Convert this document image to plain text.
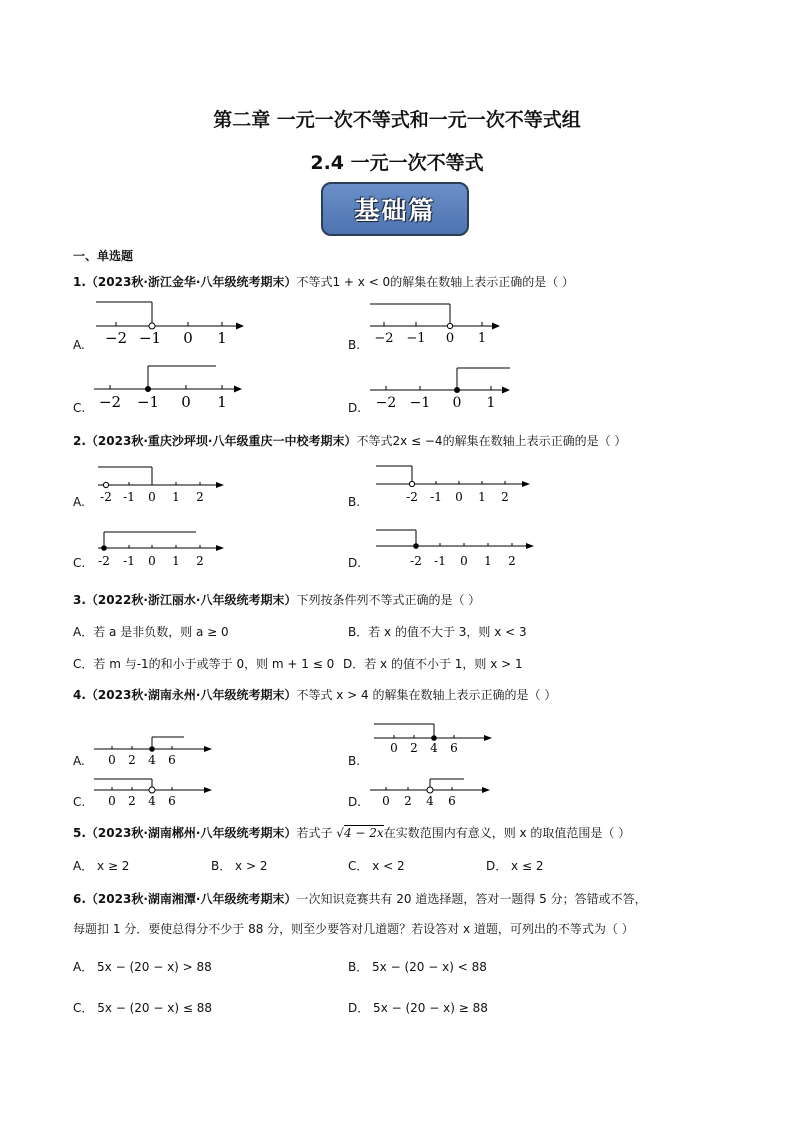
第二章 一元一次不等式和一元一次不等式组
2.4 一元一次不等式
基础篇
一、单选题
1.（2023秋·浙江金华·八年级统考期末）不等式1 + x < 0的解集在数轴上表示正确的是（ ）
A. −2 −1 0 1	B. −2 −1 0 1
C. −2 −1 0 1	D. −2 −1 0 1
2.（2023秋·重庆沙坪坝·八年级重庆一中校考期末）不等式2x ≤ −4的解集在数轴上表示正确的是（ ）
A. -2 -1 0 1 2	B.	-2 -1 0 1 2
C. -2 -1 0 1 2	D.	-2 -1 0 1 2
3.（2022秋·浙江丽水·八年级统考期末）下列按条件列不等式正确的是（ ）
A．若 a 是非负数，则 a ≥ 0	B．若 x 的值不大于 3，则 x < 3
C．若 m 与-1的和小于或等于 0，则 m + 1 ≤ 0 D．若 x 的值不小于 1，则 x > 1
4.（2023秋·湖南永州·八年级统考期末）不等式 x > 4 的解集在数轴上表示正确的是（ ）
A. 0 2 4 6	B.
0 2 4 6
C. 0 2 4 6	D. 0 2 4 6
5.（2023秋·湖南郴州·八年级统考期末）若式子 √4 − 2x在实数范围内有意义，则 x 的取值范围是（ ）
A． x ≥ 2	B． x > 2	C． x < 2	D． x ≤ 2
6.（2023秋·湖南湘潭·八年级统考期末）一次知识竞赛共有 20 道选择题，答对一题得 5 分；答错或不答，
每题扣 1 分．要使总得分不少于 88 分，则至少要答对几道题？若设答对 x 道题，可列出的不等式为（ ）
A． 5x − (20 − x) > 88	B． 5x − (20 − x) < 88
C． 5x − (20 − x) ≤ 88	D． 5x − (20 − x) ≥ 88
